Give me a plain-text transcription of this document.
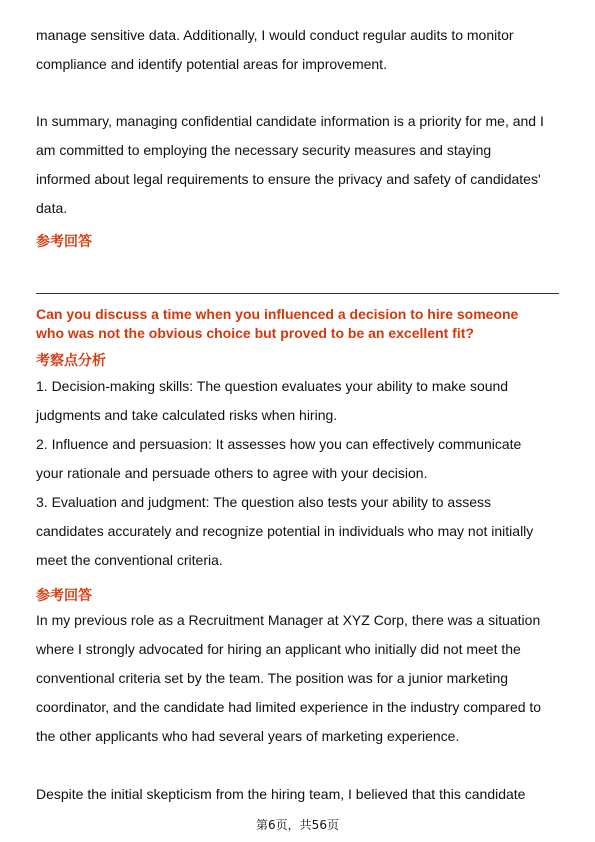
manage sensitive data. Additionally, I would conduct regular audits to monitor

compliance and identify potential areas for improvement.

In summary, managing confidential candidate information is a priority for me, and I

am committed to employing the necessary security measures and staying

informed about legal requirements to ensure the privacy and safety of candidates'

data.

参考回答
Can you discuss a time when you influenced a decision to hire someone
who was not the obvious choice but proved to be an excellent fit?
考察点分析

1. Decision-making skills: The question evaluates your ability to make sound

judgments and take calculated risks when hiring.

2. Influence and persuasion: It assesses how you can effectively communicate

your rationale and persuade others to agree with your decision.

3. Evaluation and judgment: The question also tests your ability to assess

candidates accurately and recognize potential in individuals who may not initially

meet the conventional criteria.

参考回答

In my previous role as a Recruitment Manager at XYZ Corp, there was a situation

where I strongly advocated for hiring an applicant who initially did not meet the

conventional criteria set by the team. The position was for a junior marketing

coordinator, and the candidate had limited experience in the industry compared to

the other applicants who had several years of marketing experience.

Despite the initial skepticism from the hiring team, I believed that this candidate

第6页，共56页
